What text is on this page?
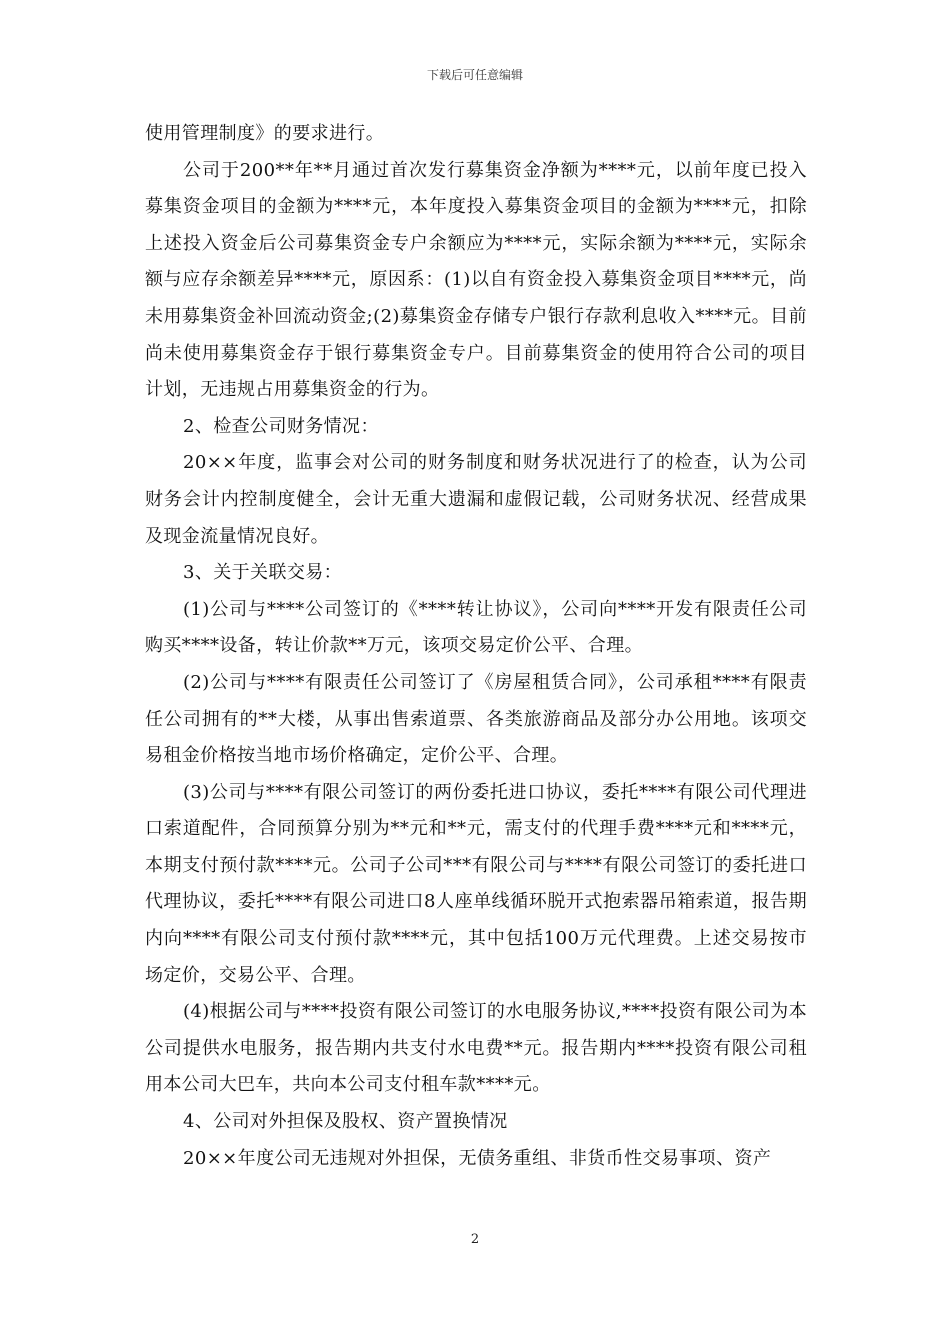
下载后可任意编辑

使用管理制度》的要求进行。

公司于200**年**月通过首次发行募集资金净额为****元，以前年度已投入募集资金项目的金额为****元，本年度投入募集资金项目的金额为****元，扣除上述投入资金后公司募集资金专户余额应为****元，实际余额为****元，实际余额与应存余额差异****元，原因系：(1)以自有资金投入募集资金项目****元，尚未用募集资金补回流动资金;(2)募集资金存储专户银行存款利息收入****元。目前尚未使用募集资金存于银行募集资金专户。目前募集资金的使用符合公司的项目计划，无违规占用募集资金的行为。

2、检查公司财务情况：

20××年度，监事会对公司的财务制度和财务状况进行了的检查，认为公司财务会计内控制度健全，会计无重大遗漏和虚假记载，公司财务状况、经营成果及现金流量情况良好。

3、关于关联交易：

(1)公司与****公司签订的《****转让协议》，公司向****开发有限责任公司购买****设备，转让价款**万元，该项交易定价公平、合理。

(2)公司与****有限责任公司签订了《房屋租赁合同》，公司承租****有限责任公司拥有的**大楼，从事出售索道票、各类旅游商品及部分办公用地。该项交易租金价格按当地市场价格确定，定价公平、合理。

(3)公司与****有限公司签订的两份委托进口协议，委托****有限公司代理进口索道配件，合同预算分别为**元和**元，需支付的代理手费****元和****元，本期支付预付款****元。公司子公司***有限公司与****有限公司签订的委托进口代理协议，委托****有限公司进口8人座单线循环脱开式抱索器吊箱索道，报告期内向****有限公司支付预付款****元，其中包括100万元代理费。上述交易按市场定价，交易公平、合理。

(4)根据公司与****投资有限公司签订的水电服务协议,****投资有限公司为本公司提供水电服务，报告期内共支付水电费**元。报告期内****投资有限公司租用本公司大巴车，共向本公司支付租车款****元。

4、公司对外担保及股权、资产置换情况

20××年度公司无违规对外担保，无债务重组、非货币性交易事项、资产

2
